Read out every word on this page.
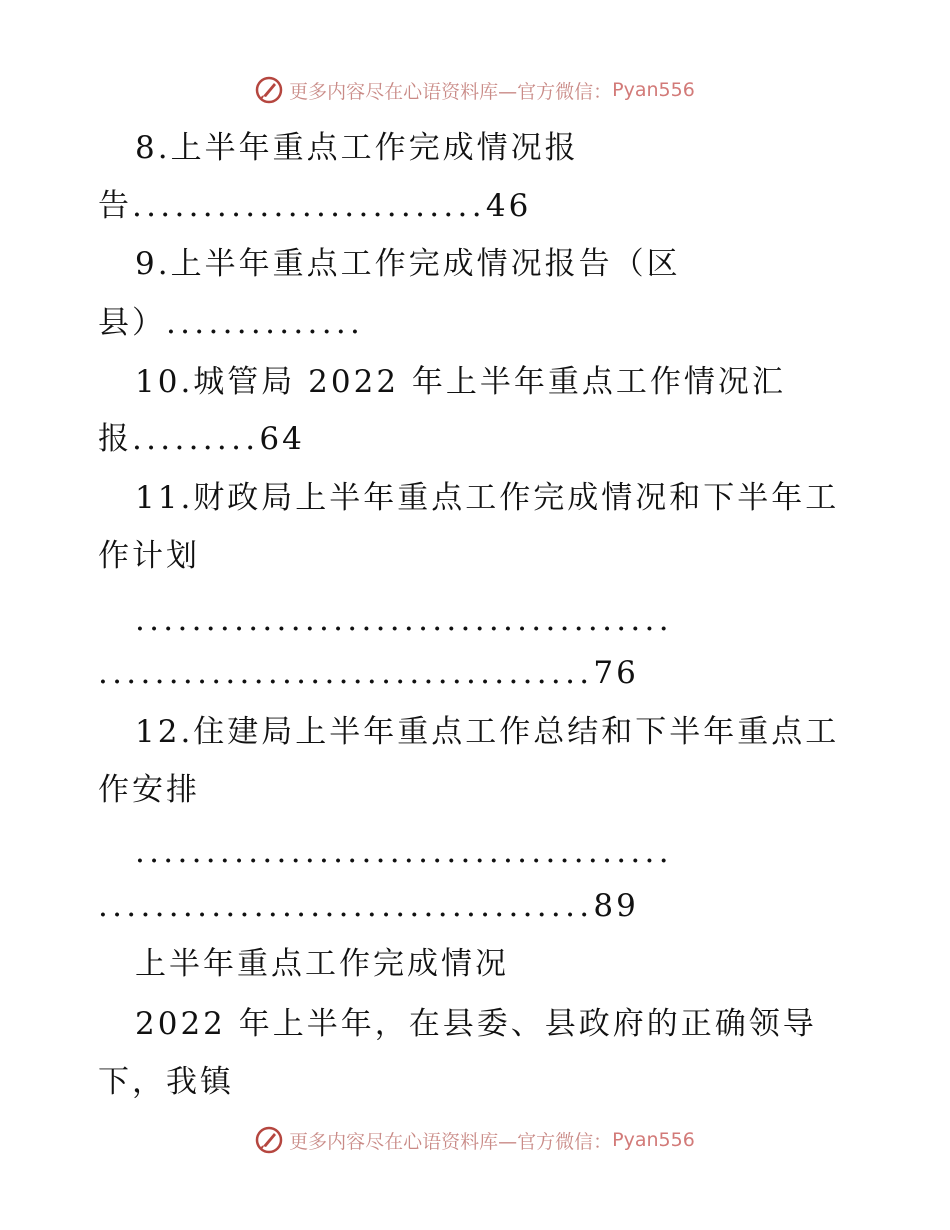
更多内容尽在心语资料库—官方微信： Pyan556
8.上半年重点工作完成情况报
告.........................46
9.上半年重点工作完成情况报告（区
县）..............
10.城管局 2022 年上半年重点工作情况汇
报.........64
11.财政局上半年重点工作完成情况和下半年工
作计划
......................................
...................................76
12.住建局上半年重点工作总结和下半年重点工
作安排
......................................
...................................89
上半年重点工作完成情况
2022 年上半年，在县委、县政府的正确领导
下，我镇
更多内容尽在心语资料库—官方微信： Pyan556
